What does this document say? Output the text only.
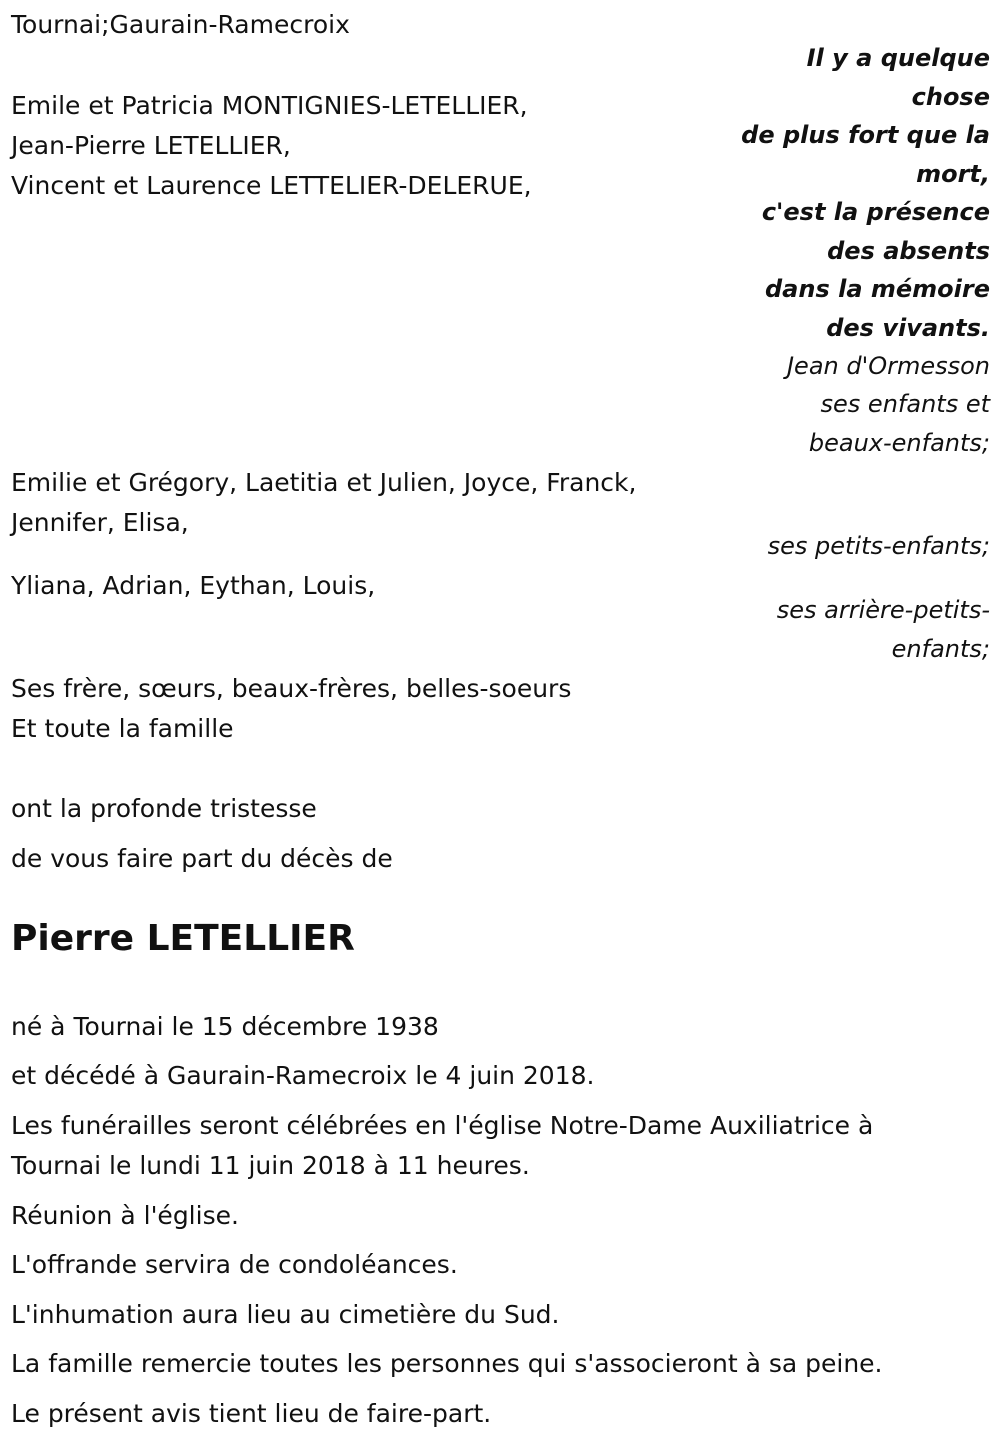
Tournai;Gaurain-Ramecroix

Emile et Patricia MONTIGNIES-LETELLIER,

Jean-Pierre LETELLIER,

Vincent et Laurence LETTELIER-DELERUE,

Il y a quelque

chose

de plus fort que la

mort,

c'est la présence

des absents

dans la mémoire

des vivants.

Jean d'Ormesson

ses enfants et

beaux-enfants;

Emilie et Grégory, Laetitia et Julien, Joyce, Franck,

Jennifer, Elisa,

ses petits-enfants;

Yliana, Adrian, Eythan, Louis,

ses arrière-petits-

enfants;

Ses frère, sœurs, beaux-frères, belles-soeurs

Et toute la famille

ont la profonde tristesse

de vous faire part du décès de

Pierre LETELLIER

né à Tournai le 15 décembre 1938

et décédé à Gaurain-Ramecroix le 4 juin 2018.

Les funérailles seront célébrées en l'église Notre-Dame Auxiliatrice à

Tournai le lundi 11 juin 2018 à 11 heures.

Réunion à l'église.

L'offrande servira de condoléances.

L'inhumation aura lieu au cimetière du Sud.

La famille remercie toutes les personnes qui s'associeront à sa peine.

Le présent avis tient lieu de faire-part.
